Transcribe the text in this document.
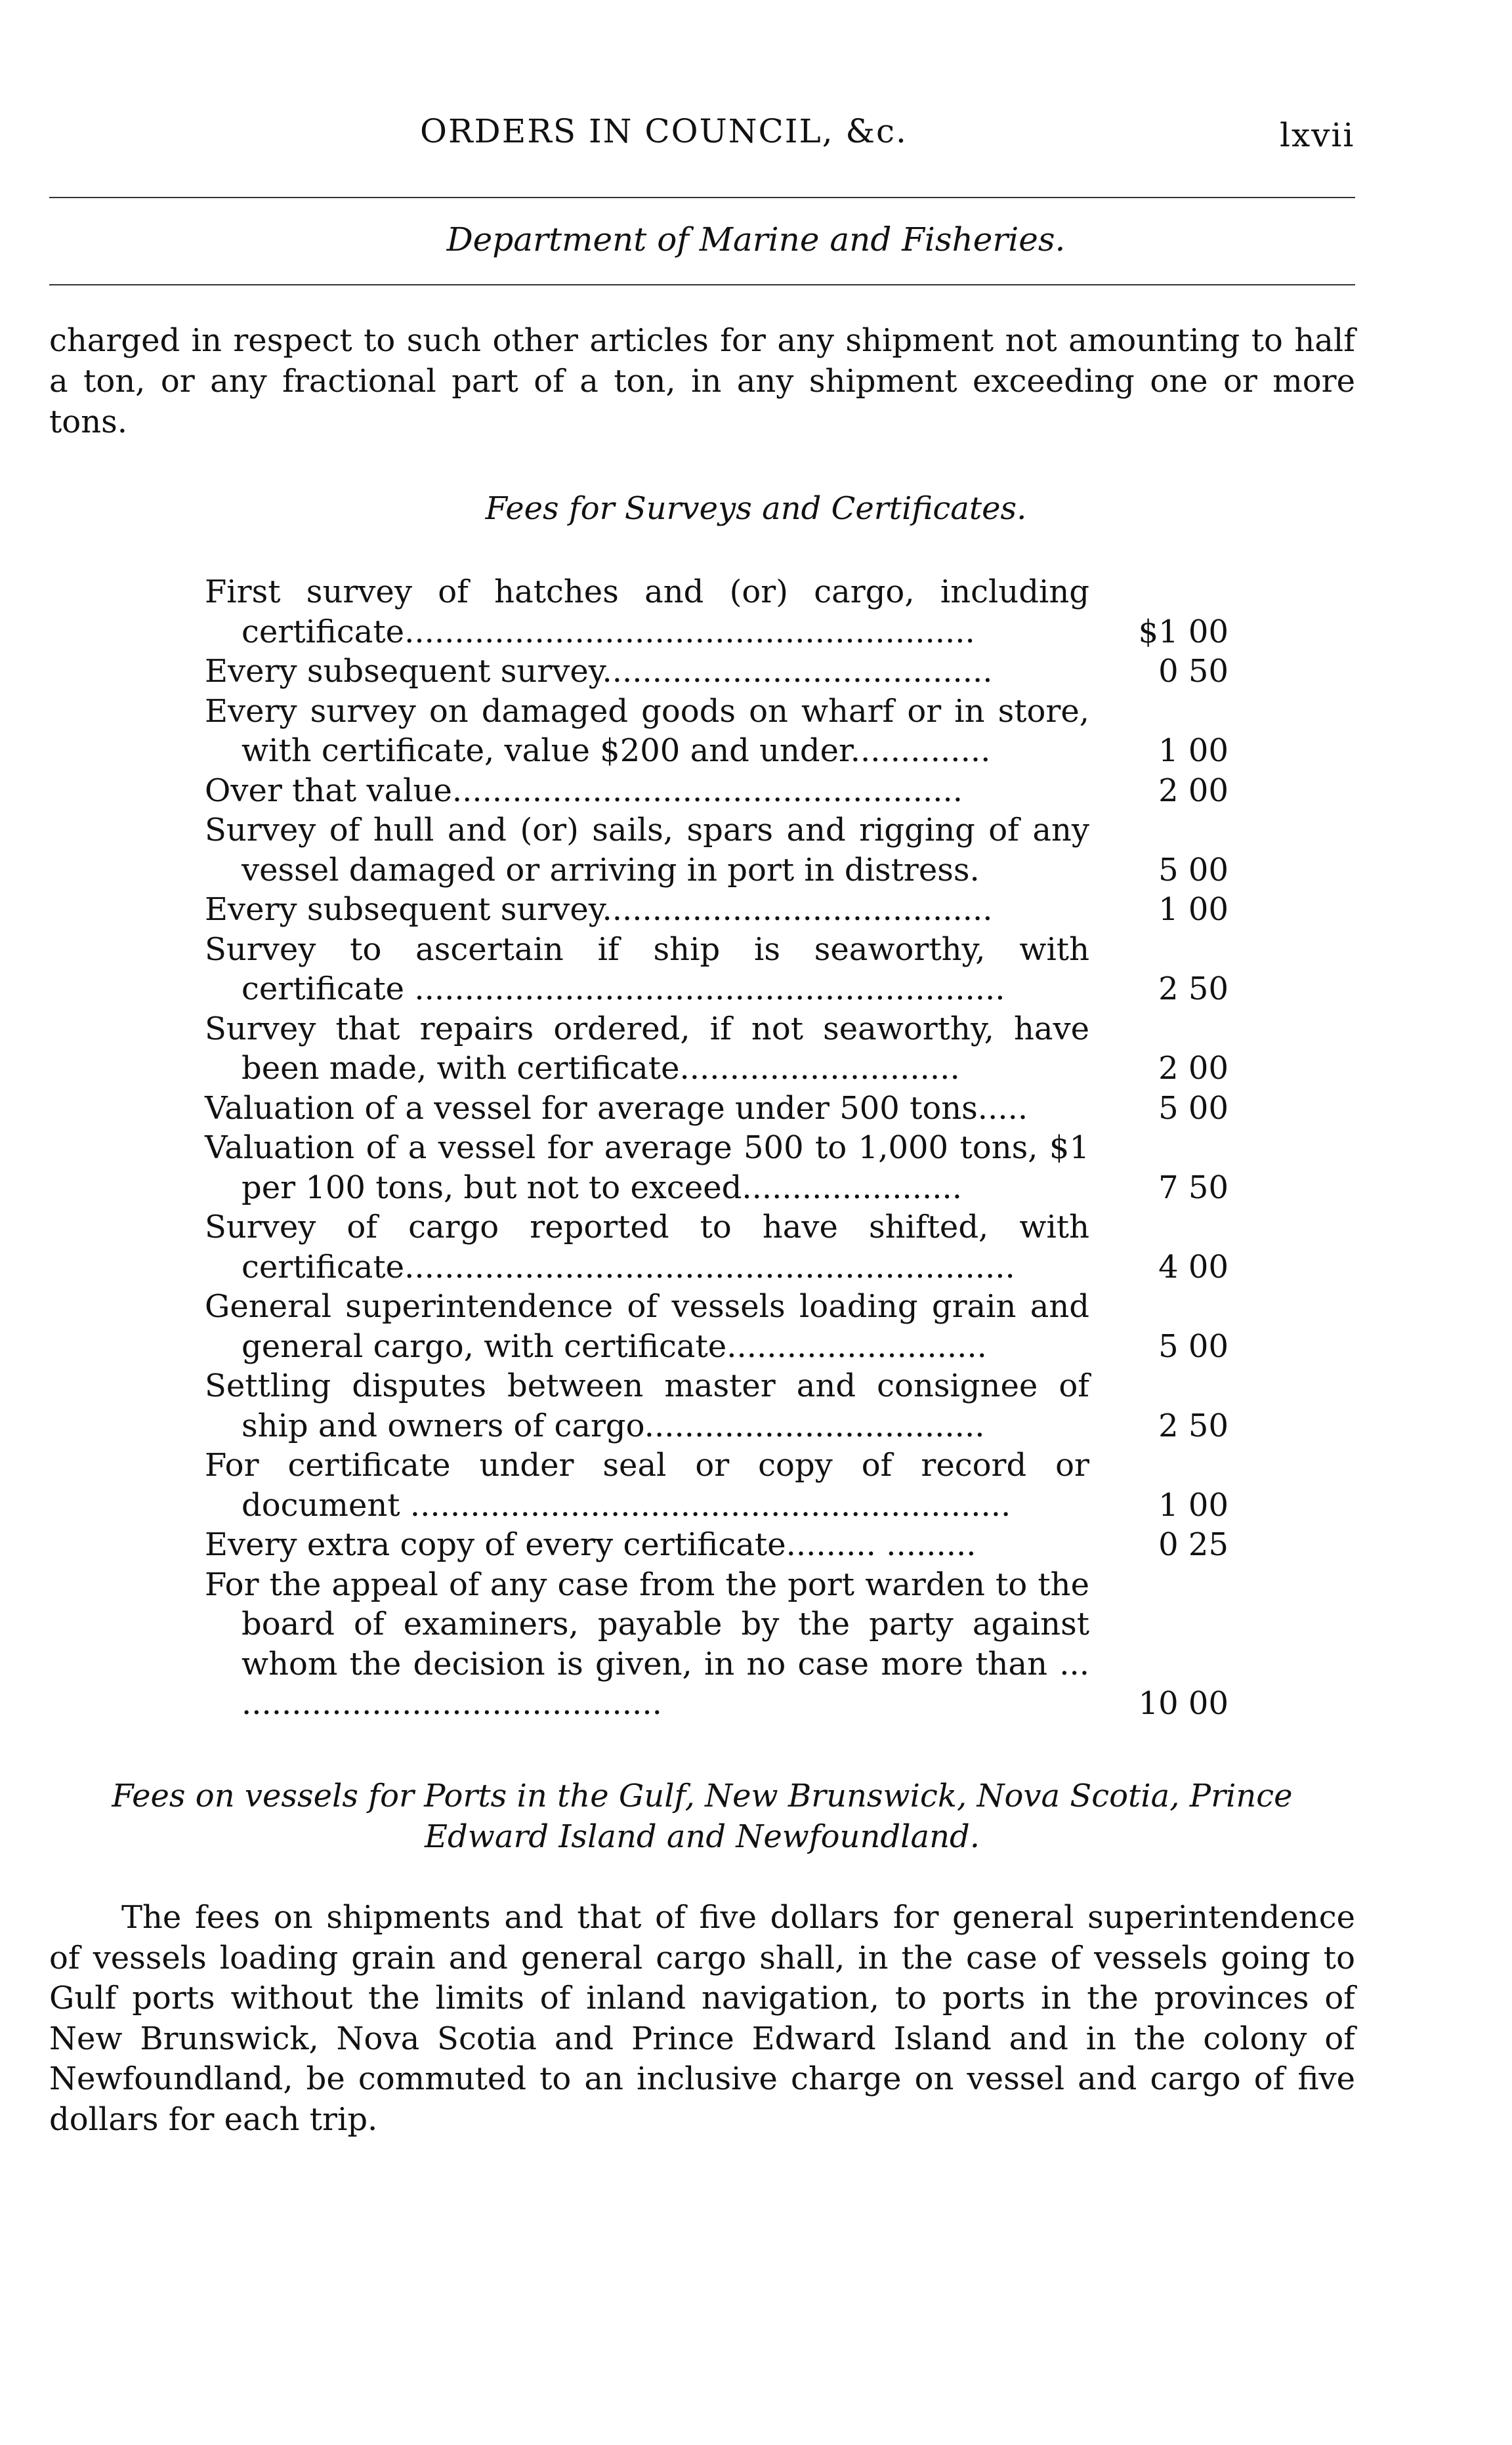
ORDERS IN COUNCIL, &c.	lxvii
Department of Marine and Fisheries.

charged in respect to such other articles for any shipment not amounting to half a ton, or any fractional part of a ton, in any shipment exceeding one or more tons.

Fees for Surveys and Certificates.
First survey of hatches and (or) cargo, including certificate.........................................................	$1 00
Every subsequent survey.......................................	0 50
Every survey on damaged goods on wharf or in store, with certificate, value $200 and under..............	1 00
Over that value...................................................	2 00
Survey of hull and (or) sails, spars and rigging of any vessel damaged or arriving in port in distress.	5 00
Every subsequent survey.......................................	1 00
Survey to ascertain if ship is seaworthy, with certificate ...........................................................	2 50
Survey that repairs ordered, if not seaworthy, have been made, with certificate............................	2 00
Valuation of a vessel for average under 500 tons.....	5 00
Valuation of a vessel for average 500 to 1,000 tons, $1 per 100 tons, but not to exceed......................	7 50
Survey of cargo reported to have shifted, with certificate.............................................................	4 00
General superintendence of vessels loading grain and general cargo, with certificate..........................	5 00
Settling disputes between master and consignee of ship and owners of cargo..................................	2 50
For certificate under seal or copy of record or document ............................................................	1 00
Every extra copy of every certificate......... .........	0 25
For the appeal of any case from the port warden to the board of examiners, payable by the party against whom the decision is given, in no case more than ... ..........................................	10 00
Fees on vessels for Ports in the Gulf, New Brunswick, Nova Scotia, Prince Edward Island and Newfoundland.

The fees on shipments and that of five dollars for general superintendence of vessels loading grain and general cargo shall, in the case of vessels going to Gulf ports without the limits of inland navigation, to ports in the provinces of New Brunswick, Nova Scotia and Prince Edward Island and in the colony of Newfoundland, be commuted to an inclusive charge on vessel and cargo of five dollars for each trip.
